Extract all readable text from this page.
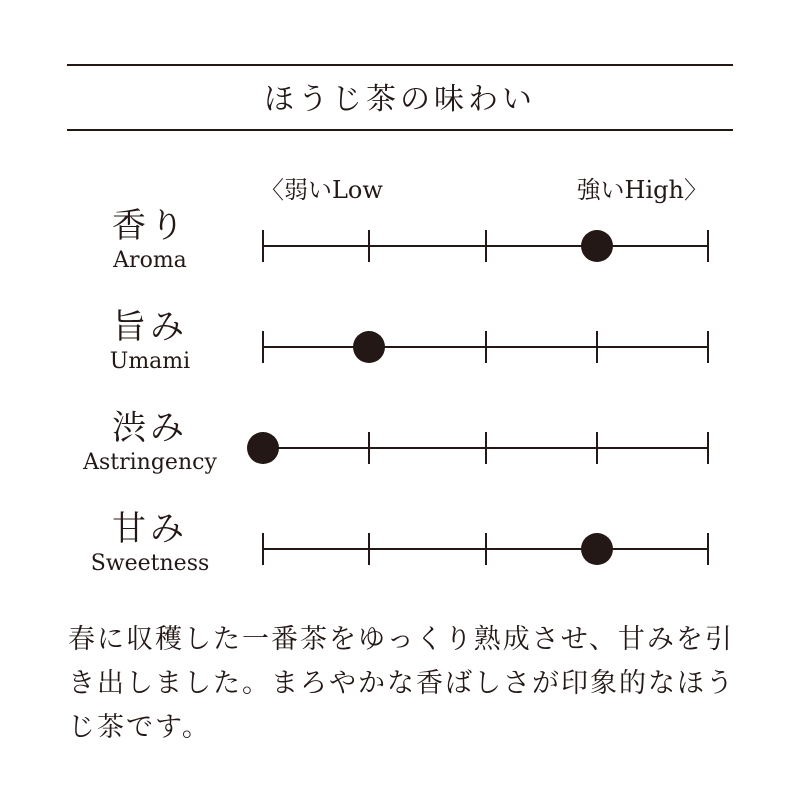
ほうじ茶の味わい
〈弱いLow	強いHigh〉
香り
Aroma
旨み
Umami
渋み
Astringency
甘み
Sweetness

春に収穫した一番茶をゆっくり熟成させ、甘みを引き出しました。まろやかな香ばしさが印象的なほうじ茶です。
